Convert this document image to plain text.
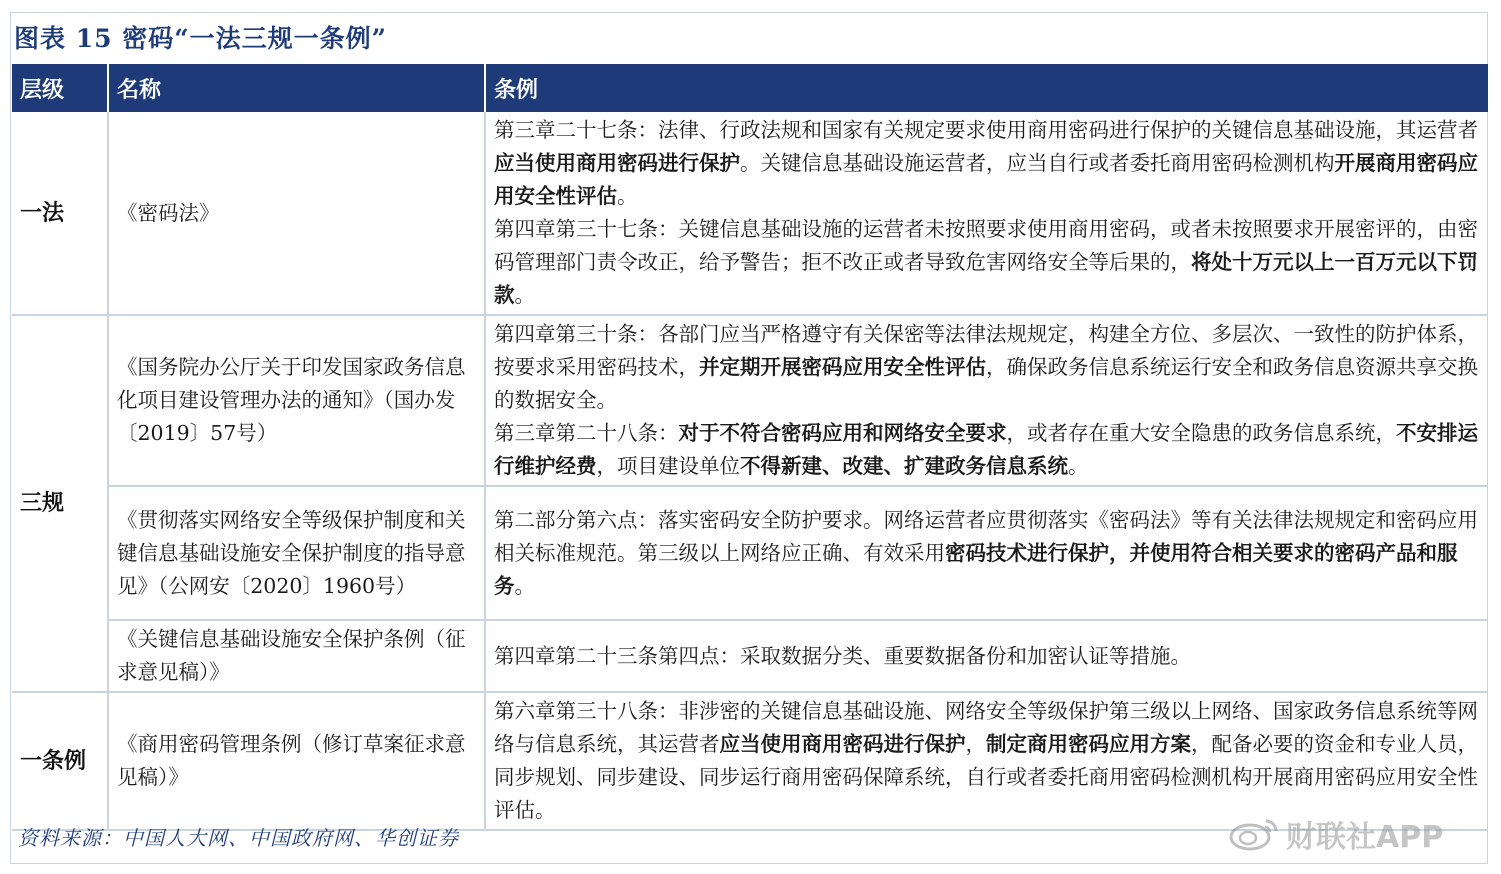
图表 15 密码“一法三规一条例”
层级	名称	条例
一法	《密码法》	第三章二十七条：法律、行政法规和国家有关规定要求使用商用密码进行保护的关键信息基础设施，其运营者应当使用商用密码进行保护。关键信息基础设施运营者，应当自行或者委托商用密码检测机构开展商用密码应用安全性评估。
第四章第三十七条：关键信息基础设施的运营者未按照要求使用商用密码，或者未按照要求开展密评的，由密码管理部门责令改正，给予警告；拒不改正或者导致危害网络安全等后果的，将处十万元以上一百万元以下罚款。

三规	《国务院办公厅关于印发国家政务信息化项目建设管理办法的通知》（国办发〔2019〕57号）	第四章第三十条：各部门应当严格遵守有关保密等法律法规规定，构建全方位、多层次、一致性的防护体系，按要求采用密码技术，并定期开展密码应用安全性评估，确保政务信息系统运行安全和政务信息资源共享交换的数据安全。
第三章第二十八条：对于不符合密码应用和网络安全要求，或者存在重大安全隐患的政务信息系统，不安排运行维护经费，项目建设单位不得新建、改建、扩建政务信息系统。

	《贯彻落实网络安全等级保护制度和关键信息基础设施安全保护制度的指导意见》（公网安〔2020〕1960号）	第二部分第六点：落实密码安全防护要求。网络运营者应贯彻落实《密码法》等有关法律法规规定和密码应用相关标准规范。第三级以上网络应正确、有效采用密码技术进行保护，并使用符合相关要求的密码产品和服务。

	《关键信息基础设施安全保护条例（征求意见稿）》	第四章第二十三条第四点：采取数据分类、重要数据备份和加密认证等措施。

一条例	《商用密码管理条例（修订草案征求意见稿）》	第六章第三十八条：非涉密的关键信息基础设施、网络安全等级保护第三级以上网络、国家政务信息系统等网络与信息系统，其运营者应当使用商用密码进行保护，制定商用密码应用方案，配备必要的资金和专业人员，同步规划、同步建设、同步运行商用密码保障系统，自行或者委托商用密码检测机构开展商用密码应用安全性评估。
资料来源：中国人大网、中国政府网、华创证券	财联社APP
